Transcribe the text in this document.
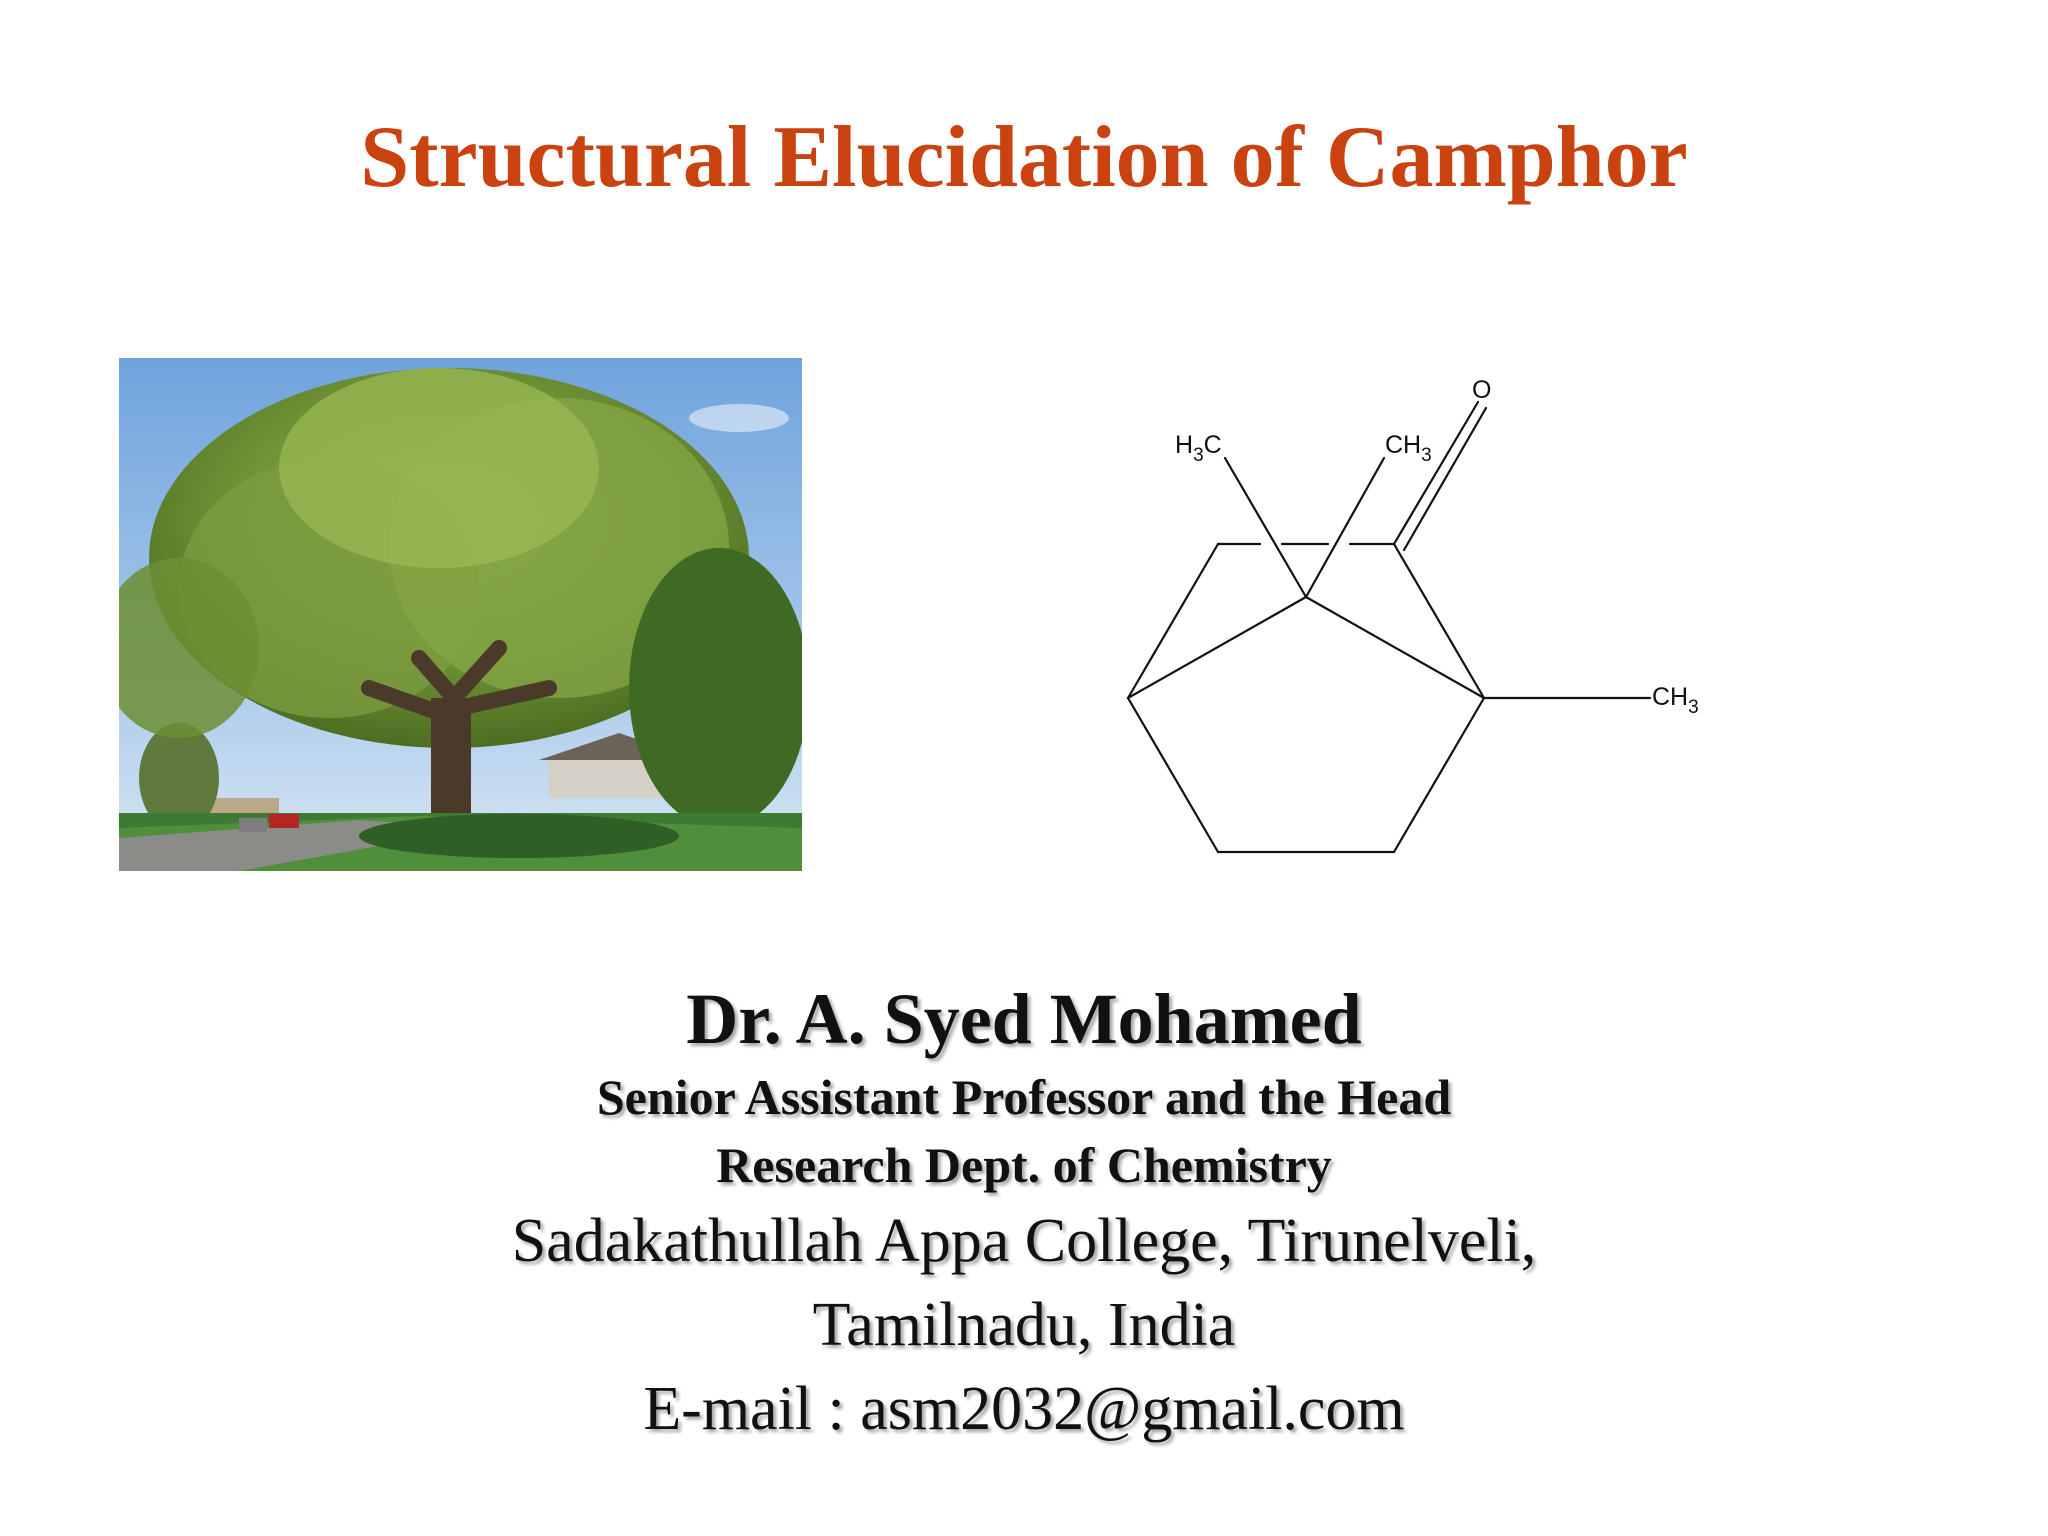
Structural Elucidation of Camphor
$H_3C$	$CH_3$
O
$CH_3$
Dr. A. Syed Mohamed
Senior Assistant Professor and the Head
Research Dept. of Chemistry
Sadakathullah Appa College, Tirunelveli,
Tamilnadu, India
E-mail : asm2032@gmail.com
